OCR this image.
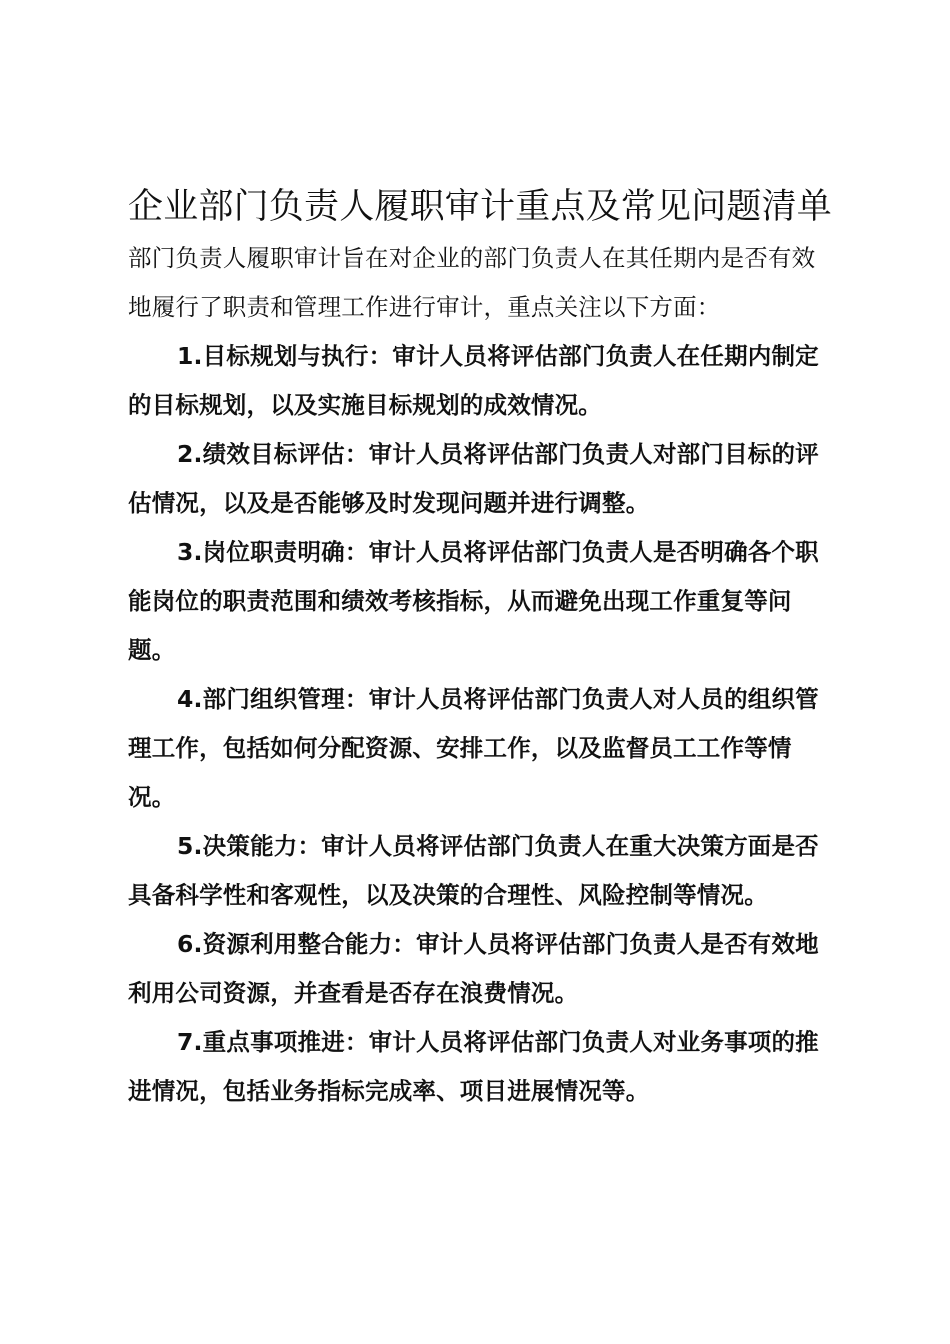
企业部门负责人履职审计重点及常见问题清单

部门负责人履职审计旨在对企业的部门负责人在其任期内是否有效地履行了职责和管理工作进行审计，重点关注以下方面：

1.目标规划与执行：审计人员将评估部门负责人在任期内制定的目标规划，以及实施目标规划的成效情况。

2.绩效目标评估：审计人员将评估部门负责人对部门目标的评估情况，以及是否能够及时发现问题并进行调整。

3.岗位职责明确：审计人员将评估部门负责人是否明确各个职能岗位的职责范围和绩效考核指标，从而避免出现工作重复等问题。

4.部门组织管理：审计人员将评估部门负责人对人员的组织管理工作，包括如何分配资源、安排工作，以及监督员工工作等情况。

5.决策能力：审计人员将评估部门负责人在重大决策方面是否具备科学性和客观性，以及决策的合理性、风险控制等情况。

6.资源利用整合能力：审计人员将评估部门负责人是否有效地利用公司资源，并查看是否存在浪费情况。

7.重点事项推进：审计人员将评估部门负责人对业务事项的推进情况，包括业务指标完成率、项目进展情况等。
